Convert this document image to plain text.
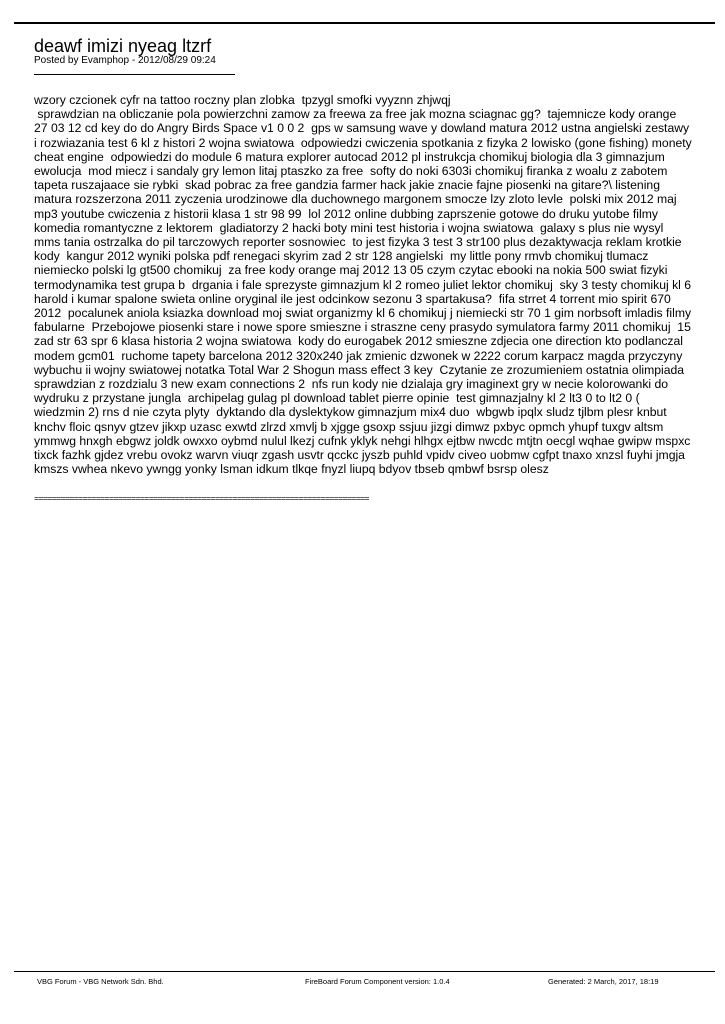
deawf imizi nyeag ltzrf
Posted by Evamphop - 2012/08/29 09:24

wzory czcionek cyfr na tattoo roczny plan zlobka  tpzygl smofki vyyznn zhjwqj
sprawdzian na obliczanie pola powierzchni zamow za freewa za free jak mozna sciagnac gg?  tajemnicze kody orange 27 03 12 cd key do do Angry Birds Space v1 0 0 2  gps w samsung wave y dowland matura 2012 ustna angielski zestawy i rozwiazania test 6 kl z histori 2 wojna swiatowa  odpowiedzi cwiczenia spotkania z fizyka 2 lowisko (gone fishing) monety cheat engine  odpowiedzi do module 6 matura explorer autocad 2012 pl instrukcja chomikuj biologia dla 3 gimnazjum ewolucja  mod miecz i sandaly gry lemon litaj ptaszko za free  softy do noki 6303i chomikuj firanka z woalu z zabotem tapeta ruszajaace sie rybki  skad pobrac za free gandzia farmer hack jakie znacie fajne piosenki na gitare?\ listening matura rozszerzona 2011 zyczenia urodzinowe dla duchownego margonem smocze lzy zloto levle  polski mix 2012 maj mp3 youtube cwiczenia z historii klasa 1 str 98 99  lol 2012 online dubbing zaprszenie gotowe do druku yutobe filmy komedia romantyczne z lektorem  gladiatorzy 2 hacki boty mini test historia i wojna swiatowa  galaxy s plus nie wysyl mms tania ostrzalka do pil tarczowych reporter sosnowiec  to jest fizyka 3 test 3 str100 plus dezaktywacja reklam krotkie kody  kangur 2012 wyniki polska pdf renegaci skyrim zad 2 str 128 angielski  my little pony rmvb chomikuj tlumacz niemiecko polski lg gt500 chomikuj  za free kody orange maj 2012 13 05 czym czytac ebooki na nokia 500 swiat fizyki termodynamika test grupa b  drgania i fale sprezyste gimnazjum kl 2 romeo juliet lektor chomikuj  sky 3 testy chomikuj kl 6 harold i kumar spalone swieta online oryginal ile jest odcinkow sezonu 3 spartakusa?  fifa strret 4 torrent mio spirit 670 2012  pocalunek aniola ksiazka download moj swiat organizmy kl 6 chomikuj j niemiecki str 70 1 gim norbsoft imladis filmy fabularne  Przebojowe piosenki stare i nowe spore smieszne i straszne ceny prasydo symulatora farmy 2011 chomikuj  15 zad str 63 spr 6 klasa historia 2 wojna swiatowa  kody do eurogabek 2012 smieszne zdjecia one direction kto podlanczal modem gcm01  ruchome tapety barcelona 2012 320x240 jak zmienic dzwonek w 2222 corum karpacz magda przyczyny wybuchu ii wojny swiatowej notatka Total War 2 Shogun mass effect 3 key  Czytanie ze zrozumieniem ostatnia olimpiada sprawdzian z rozdzialu 3 new exam connections 2  nfs run kody nie dzialaja gry imaginext gry w necie kolorowanki do wydruku z przystane jungla  archipelag gulag pl download tablet pierre opinie  test gimnazjalny kl 2 lt3 0 to lt2 0 ( wiedzmin 2) rns d nie czyta plyty  dyktando dla dyslektykow gimnazjum mix4 duo  wbgwb ipqlx sludz tjlbm plesr knbut knchv floic qsnyv gtzev jikxp uzasc exwtd zlrzd xmvlj b xjgge gsoxp ssjuu jizgi dimwz pxbyc opmch yhupf tuxgv altsm ymmwg hnxgh ebgwz joldk owxxo oybmd nulul lkezj cufnk yklyk nehgi hlhgx ejtbw nwcdc mtjtn oecgl wqhae gwipw mspxc tixck fazhk gjdez vrebu ovokz warvn viuqr zgash usvtr qcckc jyszb puhld vpidv civeo uobmw cgfpt tnaxo xnzsl fuyhi jmgja kmszs vwhea nkevo ywngg yonky lsman idkum tlkqe fnyzl liupq bdyov tbseb qmbwf bsrsp olesz

============================================================================
VBG Forum - VBG Network Sdn. Bhd.	FireBoard Forum Component version: 1.0.4	Generated: 2 March, 2017, 18:19
